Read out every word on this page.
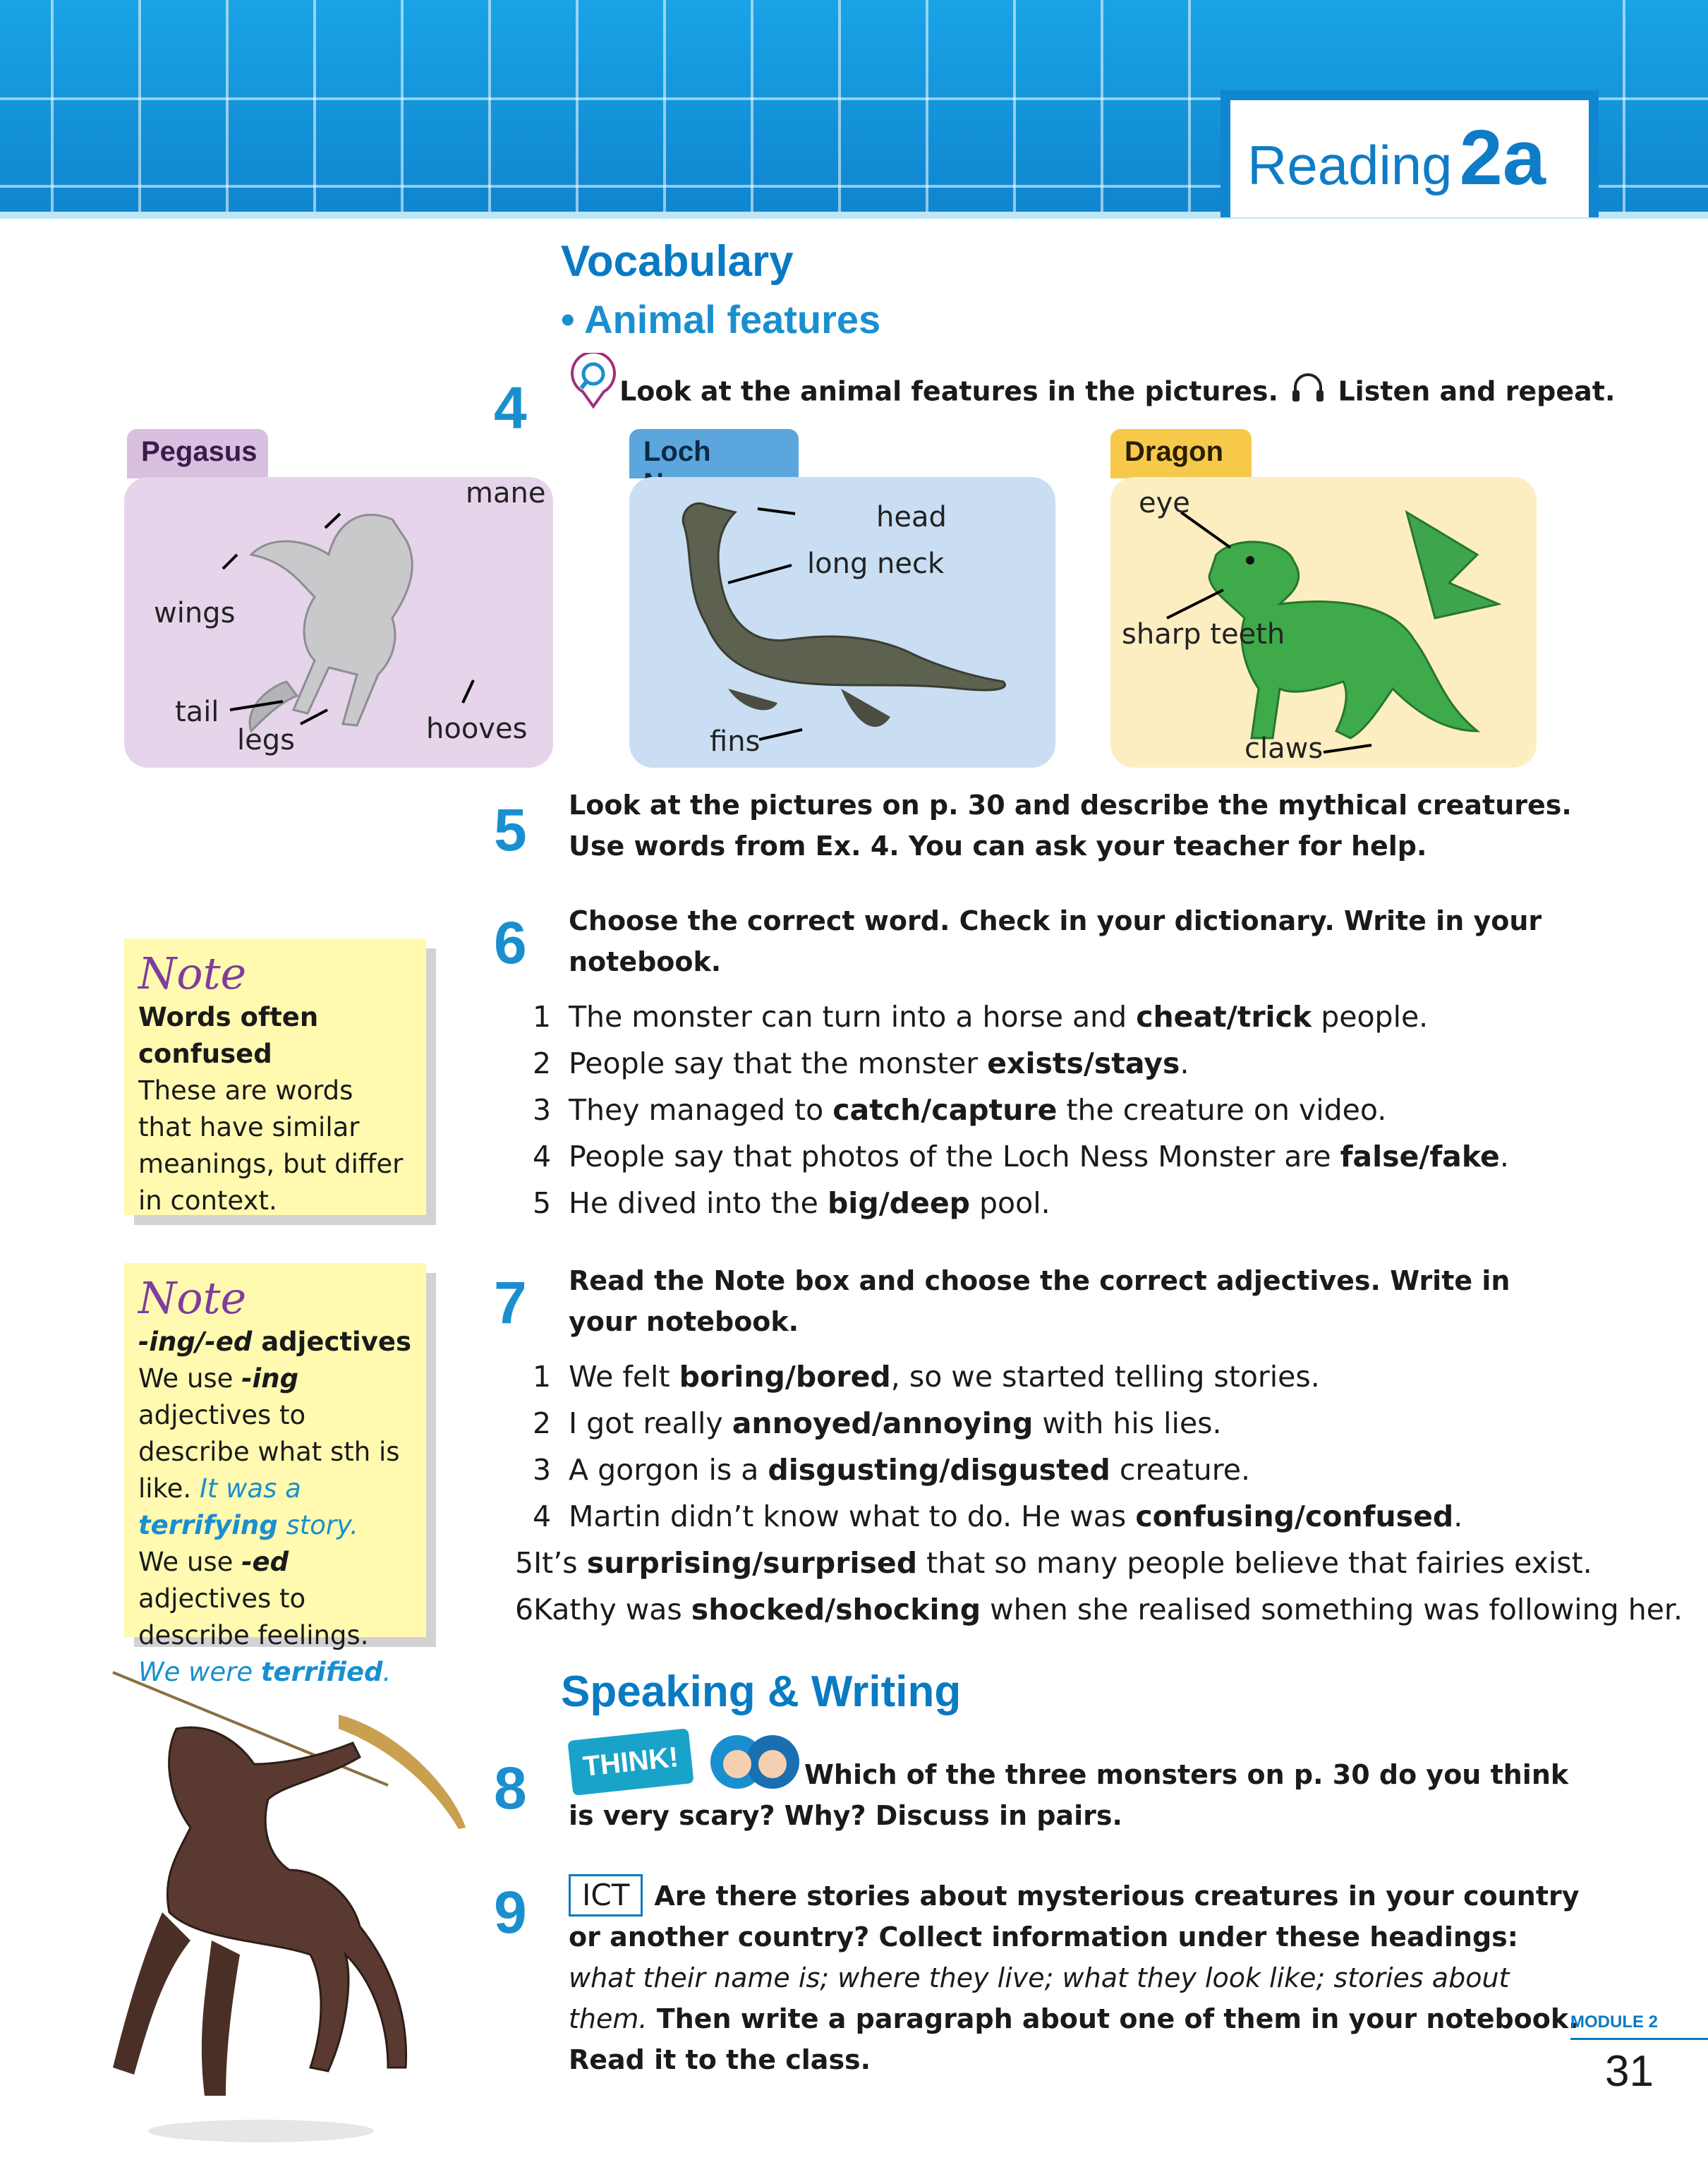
Reading2a
Vocabulary
• Animal features
4	Look at the animal features in the pictures. Listen and repeat.
Pegasus
mane
wings
tail
legs	hooves
Loch
head
long neck
fins
Dragon
eye
sharp teeth
claws
5 Look at the pictures on p. 30 and describe the mythical creatures. Use words from Ex. 4. You can ask your teacher for help.
6 Choose the correct word. Check in your dictionary. Write in your notebook.
1 The monster can turn into a horse and cheat/trick people.
2 People say that the monster exists/stays.
3 They managed to catch/capture the creature on video.
4 People say that photos of the Loch Ness Monster are false/fake.
5 He dived into the big/deep pool.
Note

Words often confused

These are words that have similar meanings, but differ in context.

7 Read the Note box and choose the correct adjectives. Write in your notebook.
1 We felt boring/bored, so we started telling stories.
2 I got really annoyed/annoying with his lies.
3 A gorgon is a disgusting/disgusted creature.
4 Martin didn’t know what to do. He was confusing/confused.
5 It’s surprising/surprised that so many people believe that fairies exist.
6 Kathy was shocked/shocking when she realised something was following her.
Note

-ing/-ed adjectives

We use -ing adjectives to describe what sth is like. It was a terrifying story.

We use -ed adjectives to describe feelings. We were terrified.	Speaking & Writing
8	THINK!	Which of the three monsters on p. 30 do you think is very scary? Why? Discuss in pairs.
9	ICT Are there stories about mysterious creatures in your country or another country? Collect information under these headings: what their name is; where they live; what they look like; stories about them. Then write a paragraph about one of them in your notebook. Read it to the class.
MODULE 2
31
